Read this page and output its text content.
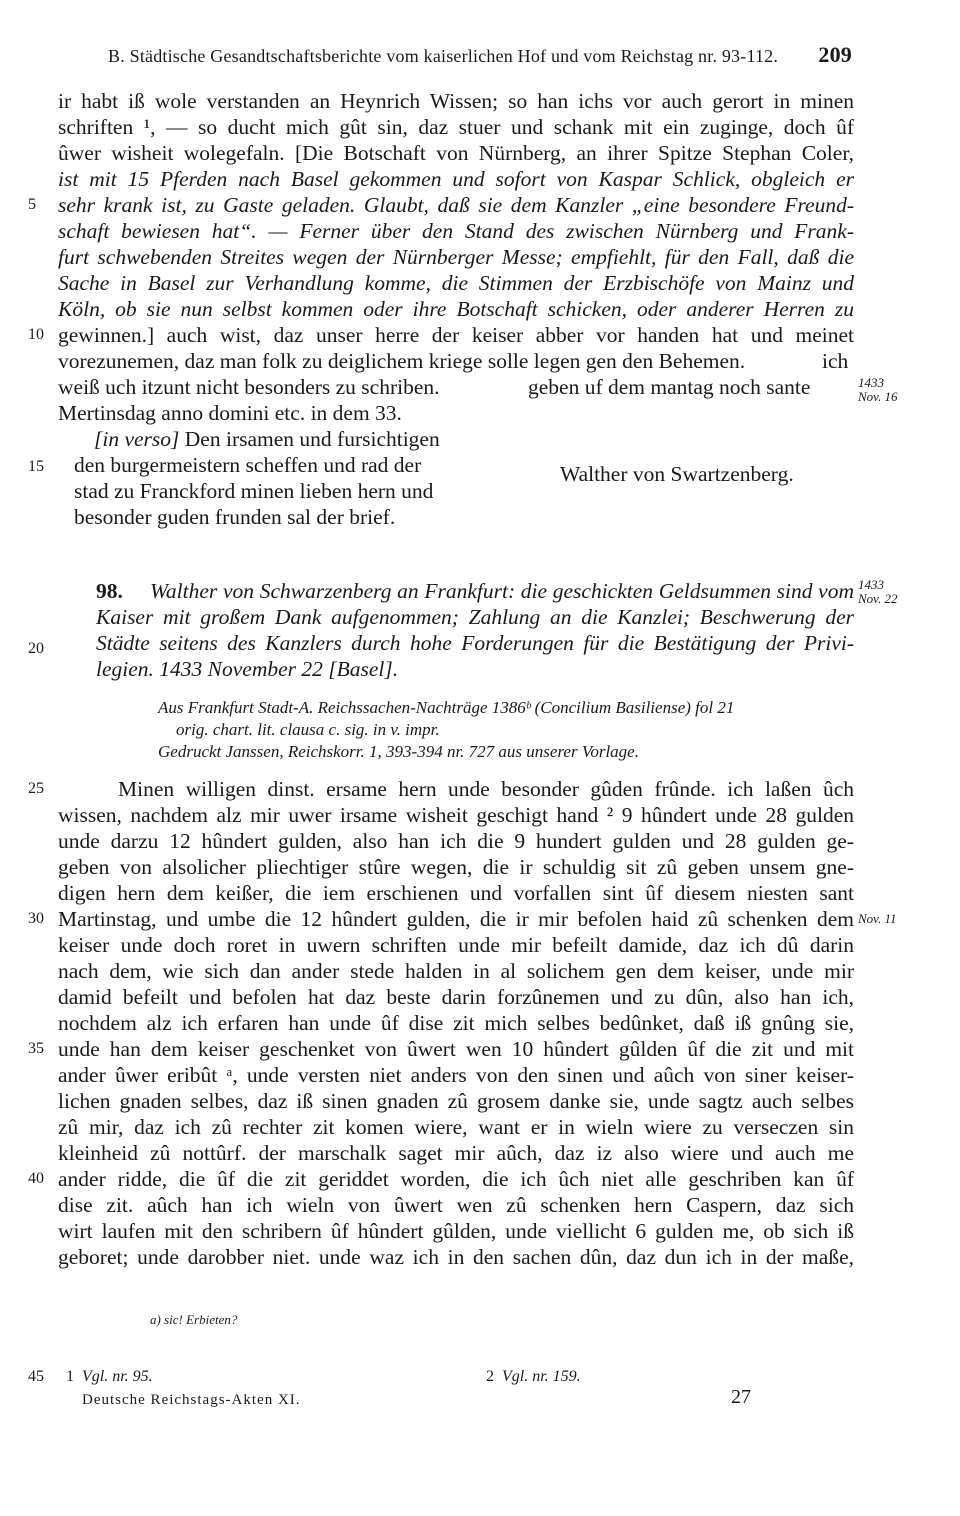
B. Städtische Gesandtschaftsberichte vom kaiserlichen Hof und vom Reichstag nr. 93-112. 209
ir habt iß wole verstanden an Heynrich Wissen; so han ichs vor auch gerort in minen
schriften ¹, — so ducht mich gût sin, daz stuer und schank mit ein zuginge, doch ûf
ûwer wisheit wolegefaln. [Die Botschaft von Nürnberg, an ihrer Spitze Stephan Coler,
ist mit 15 Pferden nach Basel gekommen und sofort von Kaspar Schlick, obgleich er
sehr krank ist, zu Gaste geladen. Glaubt, daß sie dem Kanzler „eine besondere Freund-
schaft bewiesen hat“. — Ferner über den Stand des zwischen Nürnberg und Frank-
furt schwebenden Streites wegen der Nürnberger Messe; empfiehlt, für den Fall, daß die
Sache in Basel zur Verhandlung komme, die Stimmen der Erzbischöfe von Mainz und
Köln, ob sie nun selbst kommen oder ihre Botschaft schicken, oder anderer Herren zu
gewinnen.] auch wist, daz unser herre der keiser abber vor handen hat und meinet
vorezunemen, daz man folk zu deiglichem kriege solle legen gen den Behemen.	ich
weiß uch itzunt nicht besonders zu schriben.	geben uf dem mantag noch sante
Mertinsdag anno domini etc. in dem 33.
[in verso] Den irsamen und fursichtigen
den burgermeistern scheffen und rad der
stad zu Franckford minen lieben hern und
besonder guden frunden sal der brief.
Walther von Swartzenberg.
98. Walther von Schwarzenberg an Frankfurt: die geschickten Geldsummen sind vom
Kaiser mit großem Dank aufgenommen; Zahlung an die Kanzlei; Beschwerung der
Städte seitens des Kanzlers durch hohe Forderungen für die Bestätigung der Privi-
legien. 1433 November 22 [Basel].
Aus Frankfurt Stadt-A. Reichssachen-Nachträge 1386ᵇ (Concilium Basiliense) fol 21
orig. chart. lit. clausa c. sig. in v. impr.
Gedruckt Janssen, Reichskorr. 1, 393-394 nr. 727 aus unserer Vorlage.
Minen willigen dinst. ersame hern unde besonder gûden frûnde. ich laßen ûch
wissen, nachdem alz mir uwer irsame wisheit geschigt hand ² 9 hûndert unde 28 gulden
unde darzu 12 hûndert gulden, also han ich die 9 hundert gulden und 28 gulden ge-
geben von alsolicher pliechtiger stûre wegen, die ir schuldig sit zû geben unsem gne-
digen hern dem keißer, die iem erschienen und vorfallen sint ûf diesem niesten sant
Martinstag, und umbe die 12 hûndert gulden, die ir mir befolen haid zû schenken dem
keiser unde doch roret in uwern schriften unde mir befeilt damide, daz ich dû darin
nach dem, wie sich dan ander stede halden in al solichem gen dem keiser, unde mir
damid befeilt und befolen hat daz beste darin forzûnemen und zu dûn, also han ich,
nochdem alz ich erfaren han unde ûf dise zit mich selbes bedûnket, daß iß gnûng sie,
unde han dem keiser geschenket von ûwert wen 10 hûndert gûlden ûf die zit und mit
ander ûwer eribût ᵃ, unde versten niet anders von den sinen und aûch von siner keiser-
lichen gnaden selbes, daz iß sinen gnaden zû grosem danke sie, unde sagtz auch selbes
zû mir, daz ich zû rechter zit komen wiere, want er in wieln wiere zu verseczen sin
kleinheid zû nottûrf. der marschalk saget mir aûch, daz iz also wiere und auch me
ander ridde, die ûf die zit geriddet worden, die ich ûch niet alle geschriben kan ûf
dise zit. aûch han ich wieln von ûwert wen zû schenken hern Caspern, daz sich
wirt laufen mit den schribern ûf hûndert gûlden, unde viellicht 6 gulden me, ob sich iß
geboret; unde darobber niet. unde waz ich in den sachen dûn, daz dun ich in der maße,
5
10
15
20
25
30
35
40
45
1433
Nov. 16
1433
Nov. 22
Nov. 11
a) sic! Erbieten?
1 Vgl. nr. 95.	2 Vgl. nr. 159.
Deutsche Reichstags-Akten XI.	27
